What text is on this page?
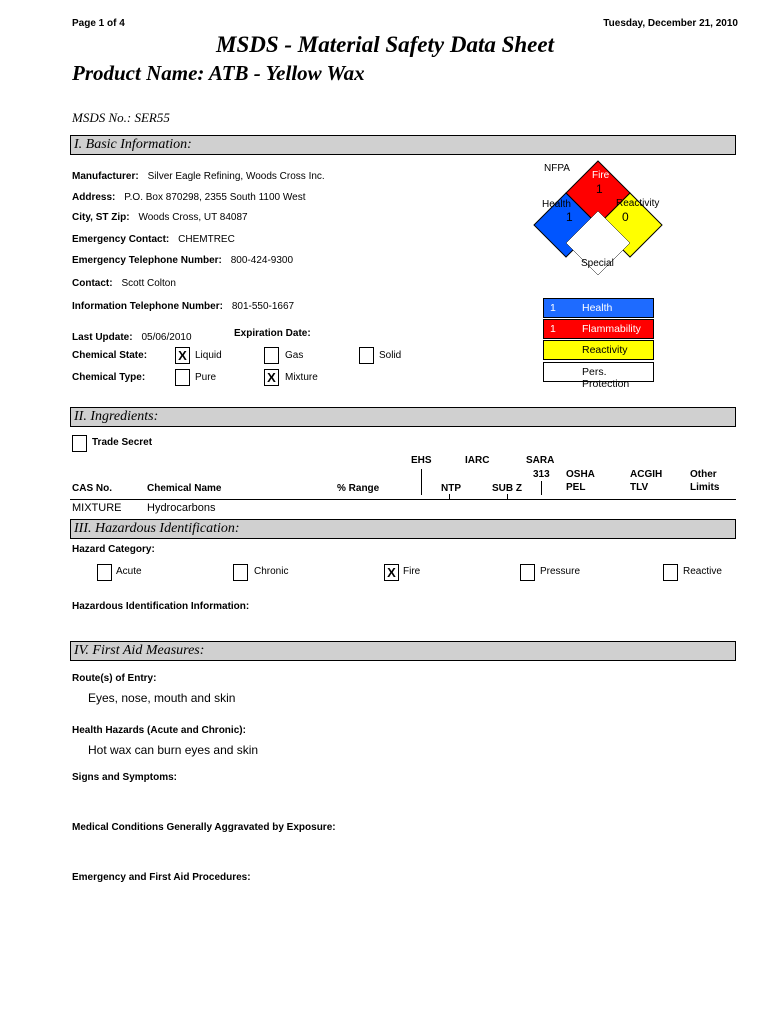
Page 1 of 4	Tuesday, December 21, 2010
MSDS - Material Safety Data Sheet
Product Name: ATB - Yellow Wax
MSDS No.: SER55
I. Basic Information:
Manufacturer: Silver Eagle Refining, Woods Cross Inc.
Address: P.O. Box 870298, 2355 South 1100 West
City, ST Zip: Woods Cross, UT 84087
Emergency Contact: CHEMTREC
Emergency Telephone Number: 800-424-9300
Contact: Scott Colton
Information Telephone Number: 801-550-1667
Last Update: 05/06/2010	Expiration Date:
Chemical State: X Liquid	Gas	Solid
Chemical Type:	Pure	X Mixture
NFPA
Fire
1
Health
1
Reactivity
0
Special
1 Health
1 Flammability
Reactivity
Pers. Protection
II. Ingredients:
Trade Secret
EHS	IARC	SARA
313 OSHA
PEL
ACGIH
TLV
Other
Limits
CAS No.	Chemical Name	% Range	NTP	SUB Z
MIXTURE Hydrocarbons
III. Hazardous Identification:
Hazard Category:
Acute	Chronic	X Fire	Pressure	Reactive
Hazardous Identification Information:
IV. First Aid Measures:
Route(s) of Entry:
Eyes, nose, mouth and skin
Health Hazards (Acute and Chronic):
Hot wax can burn eyes and skin
Signs and Symptoms:
Medical Conditions Generally Aggravated by Exposure:
Emergency and First Aid Procedures:
